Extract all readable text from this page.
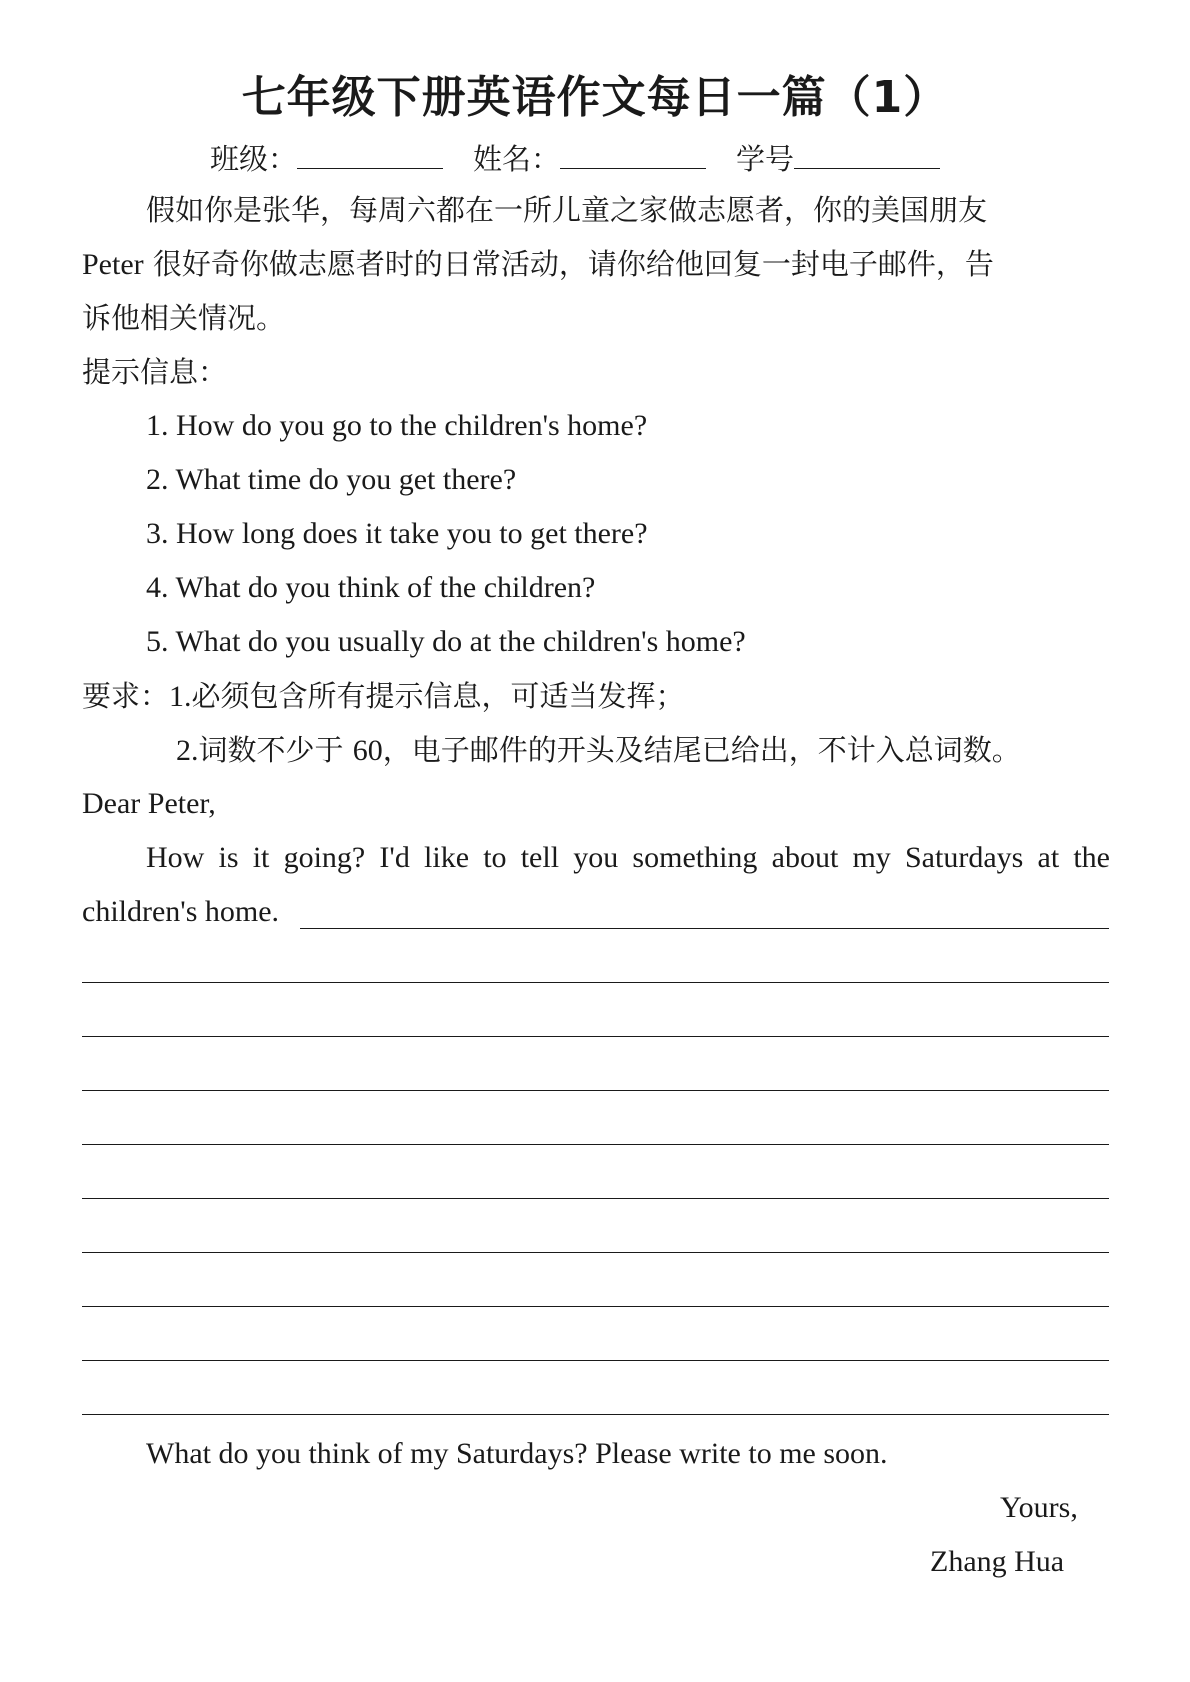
七年级下册英语作文每日一篇（1）
班级：	姓名：	学号
假如你是张华，每周六都在一所儿童之家做志愿者，你的美国朋友
Peter 很好奇你做志愿者时的日常活动，请你给他回复一封电子邮件，告
诉他相关情况。
提示信息：
1. How do you go to the children's home?
2. What time do you get there?
3. How long does it take you to get there?
4. What do you think of the children?
5. What do you usually do at the children's home?
要求：1.必须包含所有提示信息，可适当发挥；
2.词数不少于 60，电子邮件的开头及结尾已给出，不计入总词数。
Dear Peter,
How is it going? I'd like to tell you something about my Saturdays at the
children's home.
What do you think of my Saturdays? Please write to me soon.
Yours,
Zhang Hua
